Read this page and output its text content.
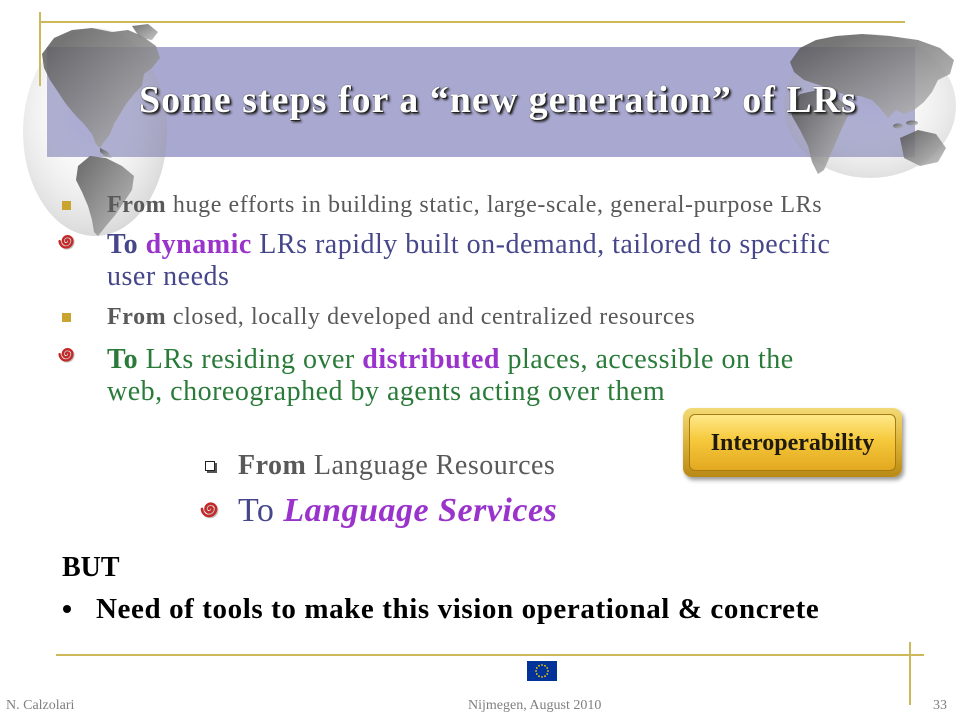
Some steps for a “new generation” of LRs
From huge efforts in building static, large-scale, general-purpose LRs
To dynamic LRs rapidly built on-demand, tailored to specific user needs
From closed, locally developed and centralized resources
To LRs residing over distributed places, accessible on the web, choreographed by agents acting over them
Interoperability
From Language Resources
To Language Services
BUT
Need of tools to make this vision operational & concrete
N. Calzolari	Nijmegen, August 2010	33
